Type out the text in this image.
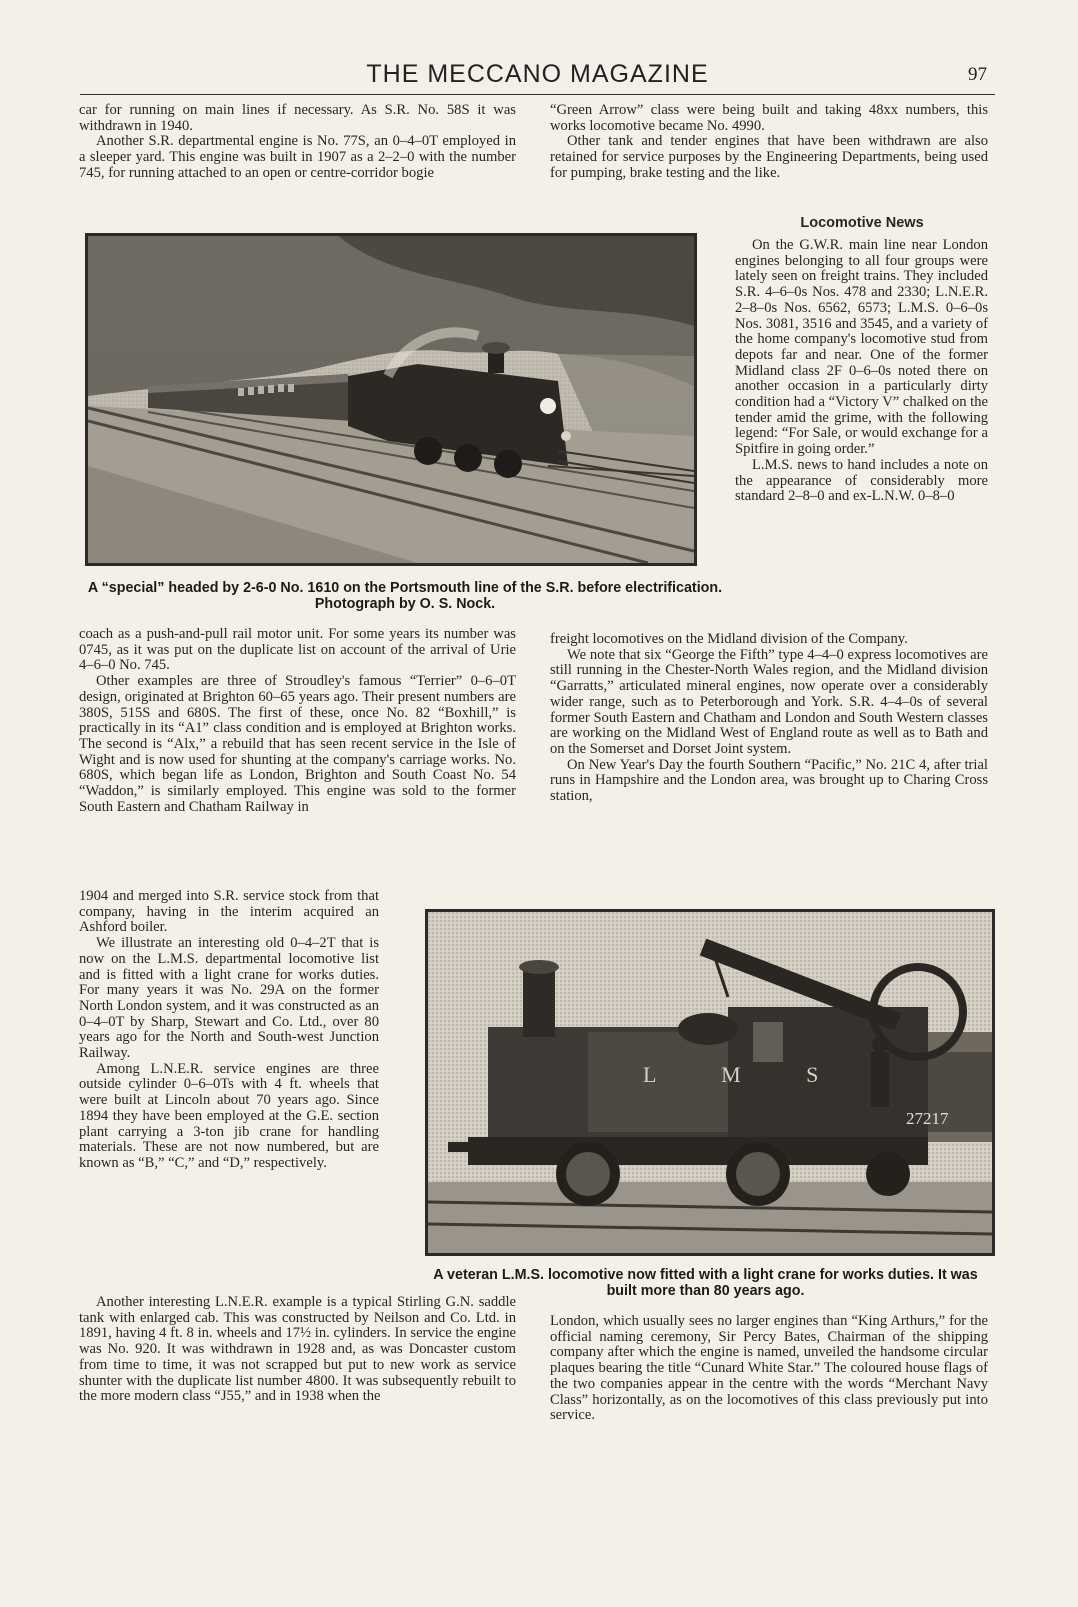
THE MECCANO MAGAZINE	97

car for running on main lines if necessary. As S.R. No. 58S it was withdrawn in 1940.

Another S.R. departmental engine is No. 77S, an 0–4–0T employed in a sleeper yard. This engine was built in 1907 as a 2–2–0 with the number 745, for running attached to an open or centre-corridor bogie

“Green Arrow” class were being built and taking 48xx numbers, this works locomotive became No. 4990.

Other tank and tender engines that have been withdrawn are also retained for service purposes by the Engineering Departments, being used for pumping, brake testing and the like.

Locomotive News

On the G.W.R. main line near London engines belonging to all four groups were lately seen on freight trains. They included S.R. 4–6–0s Nos. 478 and 2330; L.N.E.R. 2–8–0s Nos. 6562, 6573; L.M.S. 0–6–0s Nos. 3081, 3516 and 3545, and a variety of the home company's locomotive stud from depots far and near. One of the former Midland class 2F 0–6–0s noted there on another occasion in a particularly dirty condition had a “Victory V” chalked on the tender amid the grime, with the following legend: “For Sale, or would exchange for a Spitfire in going order.”

L.M.S. news to hand includes a note on the appearance of considerably more standard 2–8–0 and ex-L.N.W. 0–8–0

A “special” headed by 2-6-0 No. 1610 on the Portsmouth line of the S.R. before electrification. Photograph by O. S. Nock.

coach as a push-and-pull rail motor unit. For some years its number was 0745, as it was put on the duplicate list on account of the arrival of Urie 4–6–0 No. 745.

Other examples are three of Stroudley's famous “Terrier” 0–6–0T design, originated at Brighton 60–65 years ago. Their present numbers are 380S, 515S and 680S. The first of these, once No. 82 “Boxhill,” is practically in its “A1” class condition and is employed at Brighton works. The second is “Alx,” a rebuild that has seen recent service in the Isle of Wight and is now used for shunting at the company's carriage works. No. 680S, which began life as London, Brighton and South Coast No. 54 “Waddon,” is similarly employed. This engine was sold to the former South Eastern and Chatham Railway in

freight locomotives on the Midland division of the Company.

We note that six “George the Fifth” type 4–4–0 express locomotives are still running in the Chester-North Wales region, and the Midland division “Garratts,” articulated mineral engines, now operate over a considerably wider range, such as to Peterborough and York. S.R. 4–4–0s of several former South Eastern and Chatham and London and South Western classes are working on the Midland West of England route as well as to Bath and on the Somerset and Dorset Joint system.

On New Year's Day the fourth Southern “Pacific,” No. 21C 4, after trial runs in Hampshire and the London area, was brought up to Charing Cross station,

1904 and merged into S.R. service stock from that company, having in the interim acquired an Ashford boiler.

We illustrate an interesting old 0–4–2T that is now on the L.M.S. departmental locomotive list and is fitted with a light crane for works duties. For many years it was No. 29A on the former North London system, and it was constructed as an 0–4–0T by Sharp, Stewart and Co. Ltd., over 80 years ago for the North and South-west Junction Railway.

Among L.N.E.R. service engines are three outside cylinder 0–6–0Ts with 4 ft. wheels that were built at Lincoln about 70 years ago. Since 1894 they have been employed at the G.E. section plant carrying a 3-ton jib crane for handling materials. These are not now numbered, but are known as “B,” “C,” and “D,” respectively.

L M S
27217
A veteran L.M.S. locomotive now fitted with a light crane for works duties. It was built more than 80 years ago.

Another interesting L.N.E.R. example is a typical Stirling G.N. saddle tank with enlarged cab. This was constructed by Neilson and Co. Ltd. in 1891, having 4 ft. 8 in. wheels and 17½ in. cylinders. In service the engine was No. 920. It was withdrawn in 1928 and, as was Doncaster custom from time to time, it was not scrapped but put to new work as service shunter with the duplicate list number 4800. It was subsequently rebuilt to the more modern class “J55,” and in 1938 when the

London, which usually sees no larger engines than “King Arthurs,” for the official naming ceremony, Sir Percy Bates, Chairman of the shipping company after which the engine is named, unveiled the handsome circular plaques bearing the title “Cunard White Star.” The coloured house flags of the two companies appear in the centre with the words “Merchant Navy Class” horizontally, as on the locomotives of this class previously put into service.
